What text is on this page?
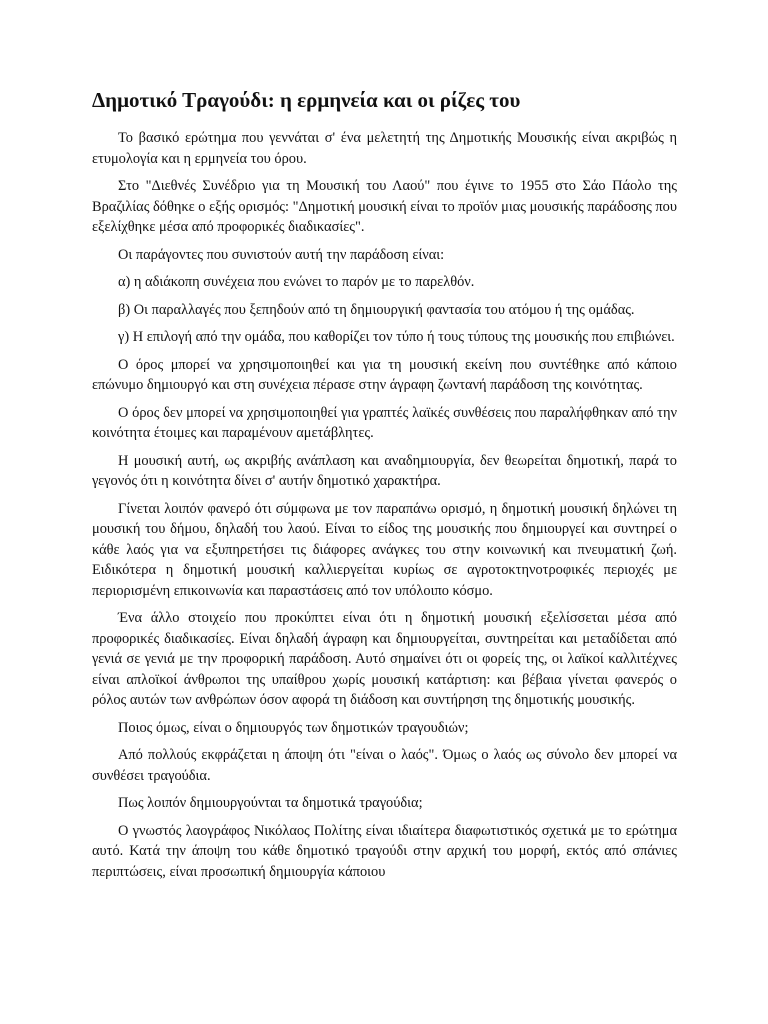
Δημοτικό Τραγούδι: η ερμηνεία και οι ρίζες του

Το βασικό ερώτημα που γεννάται σ' ένα μελετητή της Δημοτικής Μουσικής είναι ακριβώς η ετυμολογία και η ερμηνεία του όρου.

Στο "Διεθνές Συνέδριο για τη Μουσική του Λαού" που έγινε το 1955 στο Σάο Πάολο της Βραζιλίας δόθηκε ο εξής ορισμός: "Δημοτική μουσική είναι το προϊόν μιας μουσικής παράδοσης που εξελίχθηκε μέσα από προφορικές διαδικασίες".

Οι παράγοντες που συνιστούν αυτή την παράδοση είναι:

α) η αδιάκοπη συνέχεια που ενώνει το παρόν με το παρελθόν.

β) Οι παραλλαγές που ξεπηδούν από τη δημιουργική φαντασία του ατόμου ή της ομάδας.

γ) Η επιλογή από την ομάδα, που καθορίζει τον τύπο ή τους τύπους της μουσικής που επιβιώνει.

Ο όρος μπορεί να χρησιμοποιηθεί και για τη μουσική εκείνη που συντέθηκε από κάποιο επώνυμο δημιουργό και στη συνέχεια πέρασε στην άγραφη ζωντανή παράδοση της κοινότητας.

Ο όρος δεν μπορεί να χρησιμοποιηθεί για γραπτές λαϊκές συνθέσεις που παραλήφθηκαν από την κοινότητα έτοιμες και παραμένουν αμετάβλητες.

Η μουσική αυτή, ως ακριβής ανάπλαση και αναδημιουργία, δεν θεωρείται δημοτική, παρά το γεγονός ότι η κοινότητα δίνει σ' αυτήν δημοτικό χαρακτήρα.

Γίνεται λοιπόν φανερό ότι σύμφωνα με τον παραπάνω ορισμό, η δημοτική μουσική δηλώνει τη μουσική του δήμου, δηλαδή του λαού. Είναι το είδος της μουσικής που δημιουργεί και συντηρεί ο κάθε λαός για να εξυπηρετήσει τις διάφορες ανάγκες του στην κοινωνική και πνευματική ζωή. Ειδικότερα η δημοτική μουσική καλλιεργείται κυρίως σε αγροτοκτηνοτροφικές περιοχές με περιορισμένη επικοινωνία και παραστάσεις από τον υπόλοιπο κόσμο.

Ένα άλλο στοιχείο που προκύπτει είναι ότι η δημοτική μουσική εξελίσσεται μέσα από προφορικές διαδικασίες. Είναι δηλαδή άγραφη και δημιουργείται, συντηρείται και μεταδίδεται από γενιά σε γενιά με την προφορική παράδοση. Αυτό σημαίνει ότι οι φορείς της, οι λαϊκοί καλλιτέχνες είναι απλοϊκοί άνθρωποι της υπαίθρου χωρίς μουσική κατάρτιση: και βέβαια γίνεται φανερός ο ρόλος αυτών των ανθρώπων όσον αφορά τη διάδοση και συντήρηση της δημοτικής μουσικής.

Ποιος όμως, είναι ο δημιουργός των δημοτικών τραγουδιών;

Από πολλούς εκφράζεται η άποψη ότι "είναι ο λαός". Όμως ο λαός ως σύνολο δεν μπορεί να συνθέσει τραγούδια.

Πως λοιπόν δημιουργούνται τα δημοτικά τραγούδια;

Ο γνωστός λαογράφος Νικόλαος Πολίτης είναι ιδιαίτερα διαφωτιστικός σχετικά με το ερώτημα αυτό. Κατά την άποψη του κάθε δημοτικό τραγούδι στην αρχική του μορφή, εκτός από σπάνιες περιπτώσεις, είναι προσωπική δημιουργία κάποιου
